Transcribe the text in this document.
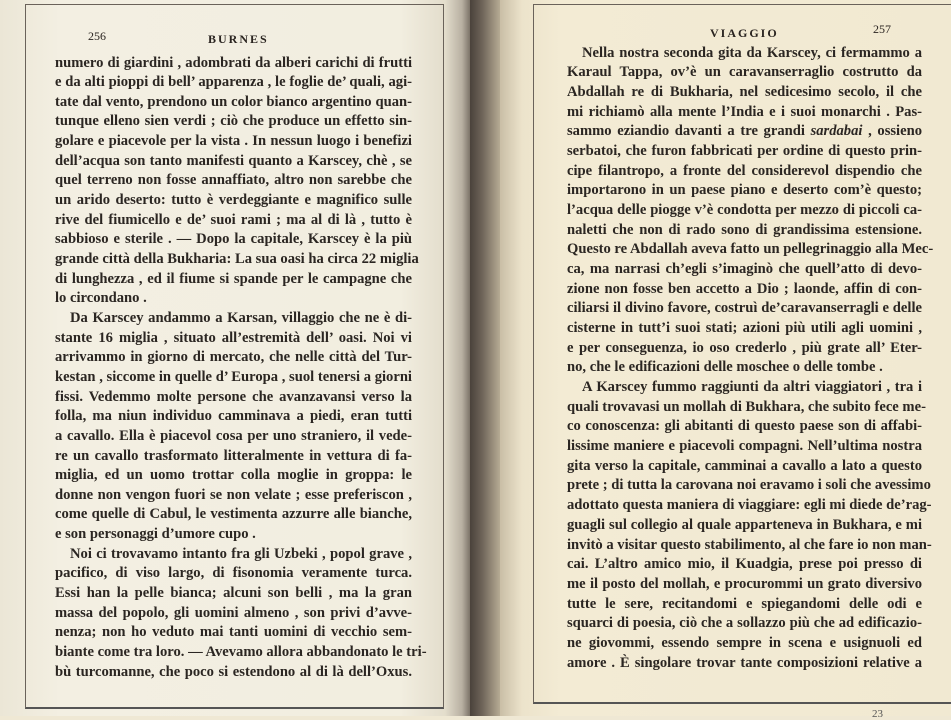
256	BURNES	VIAGGIO	257
numero di giardini , adombrati da alberi carichi di frutti
e da alti pioppi di bell’ apparenza , le foglie de’ quali, agi-
tate dal vento, prendono un color bianco argentino quan-
tunque elleno sien verdi ; ciò che produce un effetto sin-
golare e piacevole per la vista . In nessun luogo i benefizi
dell’acqua son tanto manifesti quanto a Karscey, chè , se
quel terreno non fosse annaffiato, altro non sarebbe che
un arido deserto: tutto è verdeggiante e magnifico sulle
rive del fiumicello e de’ suoi rami ; ma al di là , tutto è
sabbioso e sterile . — Dopo la capitale, Karscey è la più
grande città della Bukharia: La sua oasi ha circa 22 miglia
di lunghezza , ed il fiume si spande per le campagne che
lo circondano .
Da Karscey andammo a Karsan, villaggio che ne è di-
stante 16 miglia , situato all’estremità dell’ oasi. Noi vi
arrivammo in giorno di mercato, che nelle città del Tur-
kestan , siccome in quelle d’ Europa , suol tenersi a giorni
fissi. Vedemmo molte persone che avanzavansi verso la
folla, ma niun individuo camminava a piedi, eran tutti
a cavallo. Ella è piacevol cosa per uno straniero, il vede-
re un cavallo trasformato litteralmente in vettura di fa-
miglia, ed un uomo trottar colla moglie in groppa: le
donne non vengon fuori se non velate ; esse preferiscon ,
come quelle di Cabul, le vestimenta azzurre alle bianche,
e son personaggi d’umore cupo .
Noi ci trovavamo intanto fra gli Uzbeki , popol grave ,
pacifico, di viso largo, di fisonomia veramente turca.
Essi han la pelle bianca; alcuni son belli , ma la gran
massa del popolo, gli uomini almeno , son privi d’avve-
nenza; non ho veduto mai tanti uomini di vecchio sem-
biante come tra loro. — Avevamo allora abbandonato le tri-
bù turcomanne, che poco si estendono al di là dell’Oxus.
Nella nostra seconda gita da Karscey, ci fermammo a
Karaul Tappa, ov’è un caravanserraglio costrutto da
Abdallah re di Bukharia, nel sedicesimo secolo, il che
mi richiamò alla mente l’India e i suoi monarchi . Pas-
sammo eziandio davanti a tre grandi sardabai , ossieno
serbatoi, che furon fabbricati per ordine di questo prin-
cipe filantropo, a fronte del considerevol dispendio che
importarono in un paese piano e deserto com’è questo;
l’acqua delle piogge v’è condotta per mezzo di piccoli ca-
naletti che non di rado sono di grandissima estensione.
Questo re Abdallah aveva fatto un pellegrinaggio alla Mec-
ca, ma narrasi ch’egli s’imaginò che quell’atto di devo-
zione non fosse ben accetto a Dio ; laonde, affin di con-
ciliarsi il divino favore, costruì de’caravanserragli e delle
cisterne in tutt’i suoi stati; azioni più utili agli uomini ,
e per conseguenza, io oso crederlo , più grate all’ Eter-
no, che le edificazioni delle moschee o delle tombe .
A Karscey fummo raggiunti da altri viaggiatori , tra i
quali trovavasi un mollah di Bukhara, che subito fece me-
co conoscenza: gli abitanti di questo paese son di affabi-
lissime maniere e piacevoli compagni. Nell’ultima nostra
gita verso la capitale, camminai a cavallo a lato a questo
prete ; di tutta la carovana noi eravamo i soli che avessimo
adottato questa maniera di viaggiare: egli mi diede de’rag-
guagli sul collegio al quale apparteneva in Bukhara, e mi
invitò a visitar questo stabilimento, al che fare io non man-
cai. L’altro amico mio, il Kuadgia, prese poi presso di
me il posto del mollah, e procurommi un grato diversivo
tutte le sere, recitandomi e spiegandomi delle odi e
squarci di poesia, ciò che a sollazzo più che ad edificazio-
ne giovommi, essendo sempre in scena e usignuoli ed
amore . È singolare trovar tante composizioni relative a
23
